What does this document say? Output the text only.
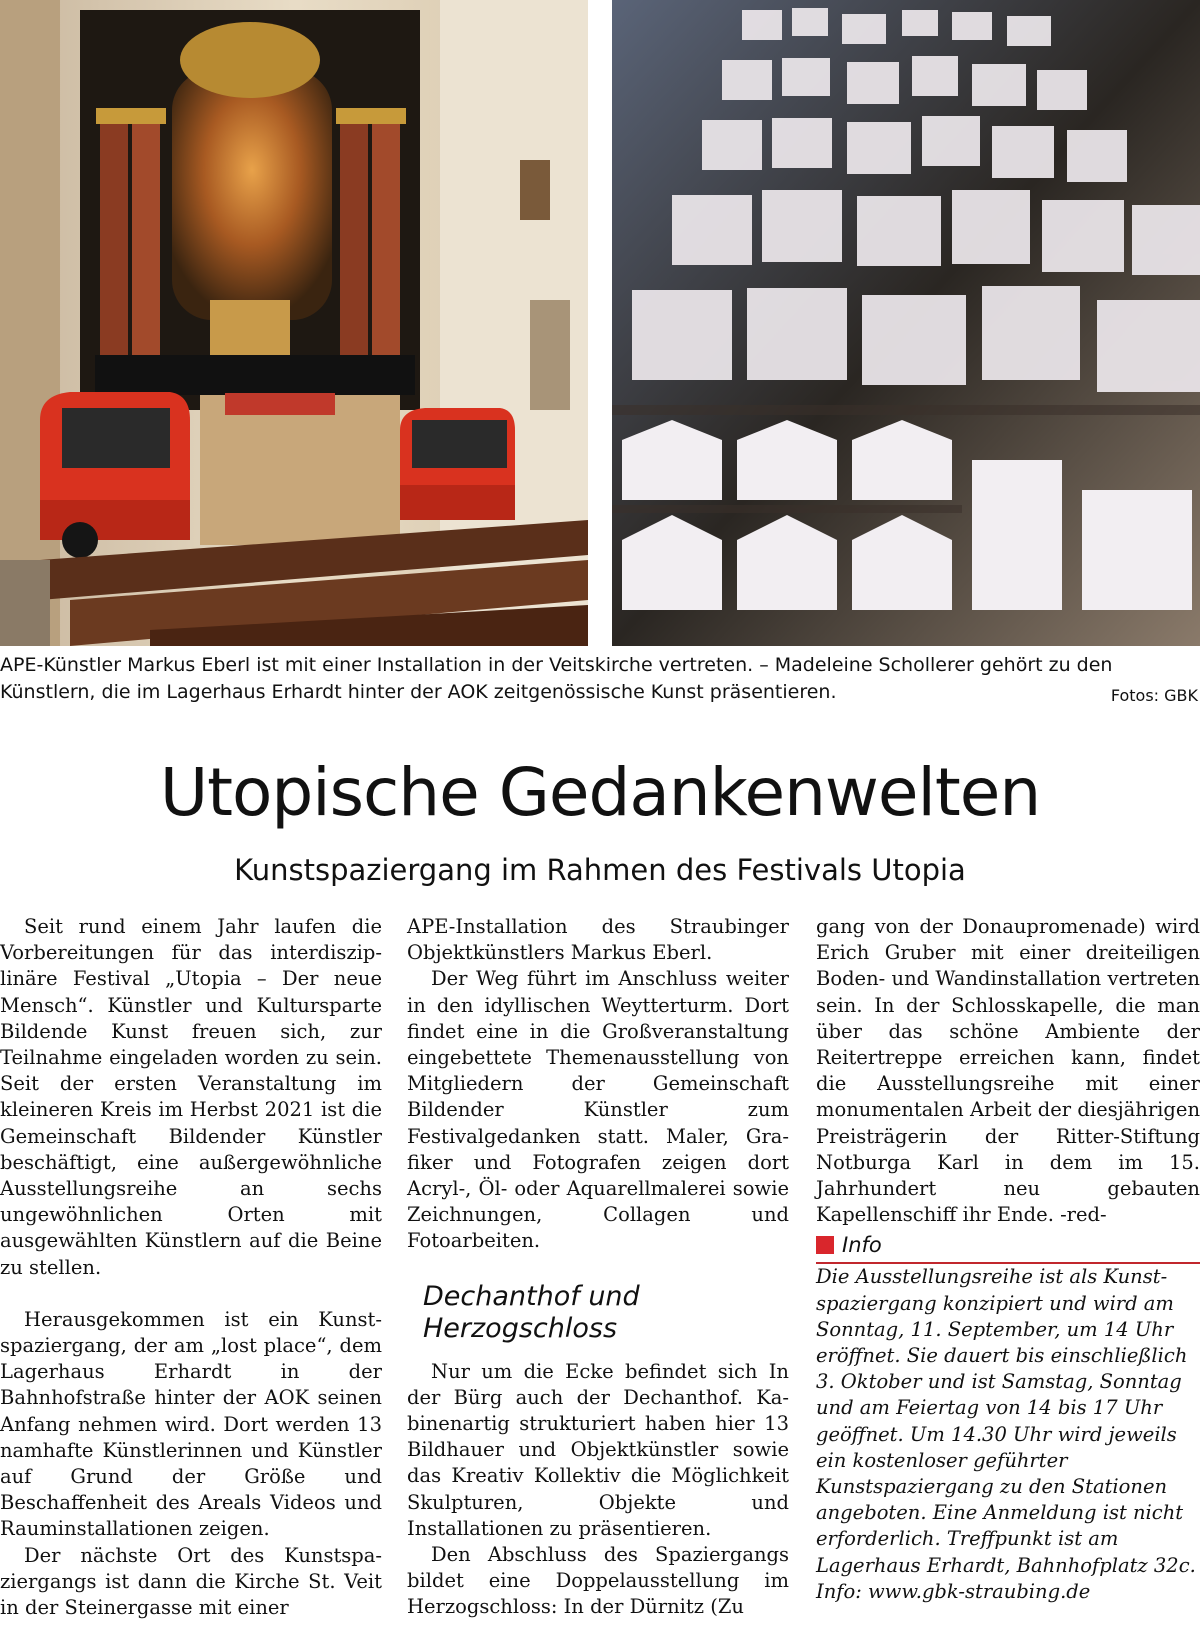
APE-Künstler Markus Eberl ist mit einer Installation in der Veitskirche vertreten. – Madeleine Schollerer gehört zu den
Künstlern, die im Lagerhaus Erhardt hinter der AOK zeitgenössische Kunst präsentieren.	Fotos: GBK
Utopische Gedankenwelten
Kunstspaziergang im Rahmen des Festivals Utopia

Seit rund einem Jahr laufen die Vorbereitungen für das interdisziplinäre Festival „Utopia – Der neue Mensch“. Künstler und Kultursparte Bildende Kunst freuen sich, zur Teilnahme eingeladen worden zu sein. Seit der ersten Veranstaltung im kleineren Kreis im Herbst 2021 ist die Gemeinschaft Bildender Künstler beschäftigt, eine außergewöhnliche Ausstellungsreihe an sechs ungewöhnlichen Orten mit ausgewählten Künstlern auf die Beine zu stellen.

Herausgekommen ist ein Kunstspaziergang, der am „lost place“, dem Lagerhaus Erhardt in der Bahnhofstraße hinter der AOK seinen Anfang nehmen wird. Dort werden 13 namhafte Künstlerinnen und Künstler auf Grund der Größe und Beschaffenheit des Areals Videos und Rauminstallationen zeigen.

Der nächste Ort des Kunstspaziergangs ist dann die Kirche St. Veit in der Steinergasse mit einer

APE-Installation des Straubinger Objektkünstlers Markus Eberl.

Der Weg führt im Anschluss weiter in den idyllischen Weytterturm. Dort findet eine in die Großveranstaltung eingebettete Themenausstellung von Mitgliedern der Gemeinschaft Bildender Künstler zum Festivalgedanken statt. Maler, Grafiker und Fotografen zeigen dort Acryl-, Öl- oder Aquarellmalerei sowie Zeichnungen, Collagen und Fotoarbeiten.

Dechanthof und Herzogschloss

Nur um die Ecke befindet sich In der Bürg auch der Dechanthof. Kabinenartig strukturiert haben hier 13 Bildhauer und Objektkünstler sowie das Kreativ Kollektiv die Möglichkeit Skulpturen, Objekte und Installationen zu präsentieren.

Den Abschluss des Spaziergangs bildet eine Doppelausstellung im Herzogschloss: In der Dürnitz (Zu

gang von der Donaupromenade) wird Erich Gruber mit einer dreiteiligen Boden- und Wandinstallation vertreten sein. In der Schlosskapelle, die man über das schöne Ambiente der Reitertreppe erreichen kann, findet die Ausstellungsreihe mit einer monumentalen Arbeit der diesjährigen Preisträgerin der Ritter-Stiftung Notburga Karl in dem im 15. Jahrhundert neu gebauten Kapellenschiff ihr Ende. -red-

Info

Die Ausstellungsreihe ist als Kunstspaziergang konzipiert und wird am Sonntag, 11. September, um 14 Uhr eröffnet. Sie dauert bis einschließlich 3. Oktober und ist Samstag, Sonntag und am Feiertag von 14 bis 17 Uhr geöffnet. Um 14.30 Uhr wird jeweils ein kostenloser geführter Kunstspaziergang zu den Stationen angeboten. Eine Anmeldung ist nicht erforderlich. Treffpunkt ist am Lagerhaus Erhardt, Bahnhofplatz 32c. Info: www.gbk-straubing.de
